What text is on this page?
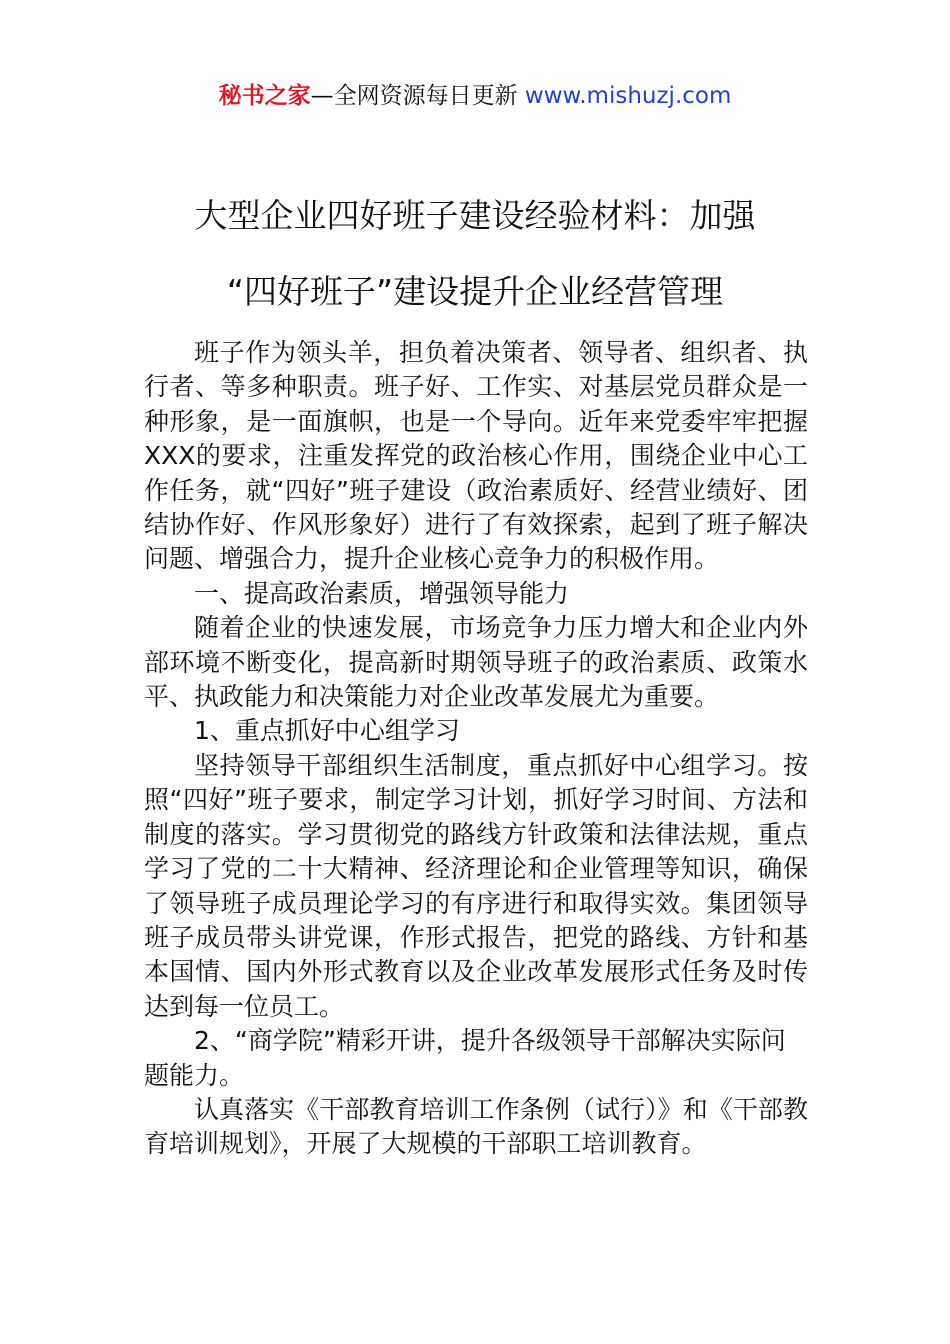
秘书之家—全网资源每日更新 www.mishuzj.com
大型企业四好班子建设经验材料：加强
“四好班子”建设提升企业经营管理

班子作为领头羊，担负着决策者、领导者、组织者、执行者、等多种职责。班子好、工作实、对基层党员群众是一种形象，是一面旗帜，也是一个导向。近年来党委牢牢把握XXX的要求，注重发挥党的政治核心作用，围绕企业中心工作任务，就“四好”班子建设（政治素质好、经营业绩好、团结协作好、作风形象好）进行了有效探索，起到了班子解决问题、增强合力，提升企业核心竞争力的积极作用。

一、提高政治素质，增强领导能力

随着企业的快速发展，市场竞争力压力增大和企业内外部环境不断变化，提高新时期领导班子的政治素质、政策水平、执政能力和决策能力对企业改革发展尤为重要。

1、重点抓好中心组学习

坚持领导干部组织生活制度，重点抓好中心组学习。按照“四好”班子要求，制定学习计划，抓好学习时间、方法和制度的落实。学习贯彻党的路线方针政策和法律法规，重点学习了党的二十大精神、经济理论和企业管理等知识，确保了领导班子成员理论学习的有序进行和取得实效。集团领导班子成员带头讲党课，作形式报告，把党的路线、方针和基本国情、国内外形式教育以及企业改革发展形式任务及时传达到每一位员工。

2、“商学院”精彩开讲，提升各级领导干部解决实际问题能力。

认真落实《干部教育培训工作条例（试行）》和《干部教育培训规划》，开展了大规模的干部职工培训教育。
